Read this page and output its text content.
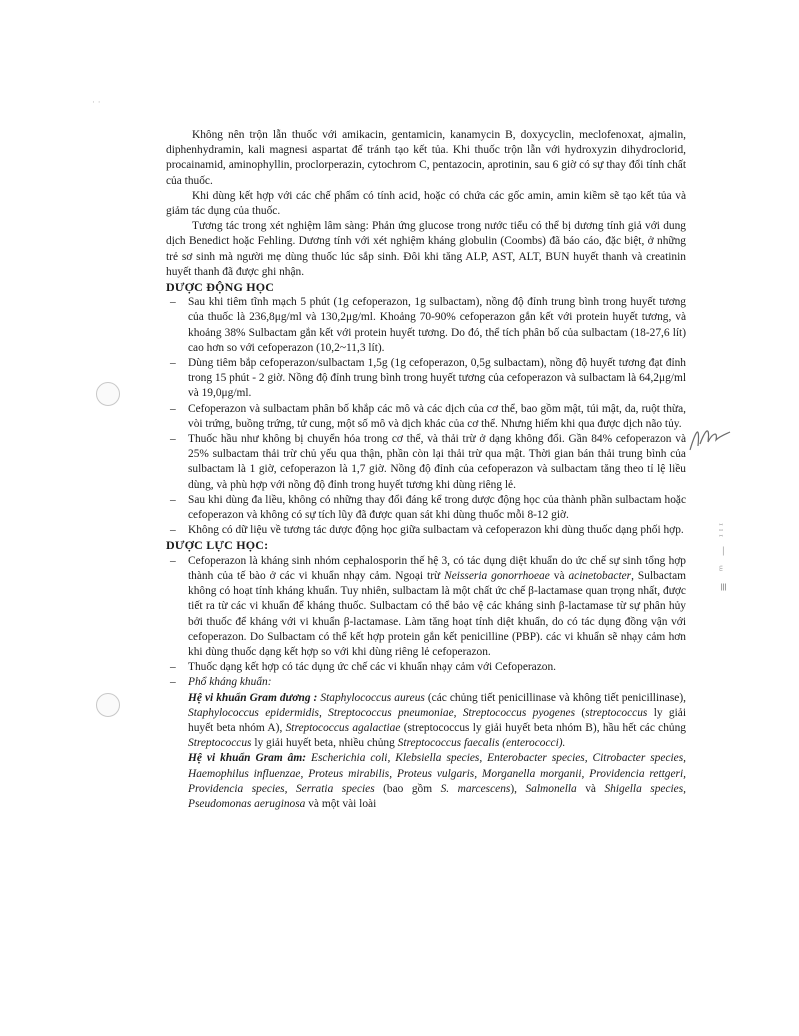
· ·
Ⅲ ᵐ — ᶦᶦᶦ

Không nên trộn lẫn thuốc với amikacin, gentamicin, kanamycin B, doxycyclin, meclofenoxat, ajmalin, diphenhydramin, kali magnesi aspartat để tránh tạo kết tủa. Khi thuốc trộn lẫn với hydroxyzin dihydroclorid, procainamid, aminophyllin, proclorperazin, cytochrom C, pentazocin, aprotinin, sau 6 giờ có sự thay đổi tính chất của thuốc.

Khi dùng kết hợp với các chế phẩm có tính acid, hoặc có chứa các gốc amin, amin kiềm sẽ tạo kết tủa và giảm tác dụng của thuốc.

Tương tác trong xét nghiệm lâm sàng: Phản ứng glucose trong nước tiểu có thể bị dương tính giả với dung dịch Benedict hoặc Fehling. Dương tính với xét nghiệm kháng globulin (Coombs) đã báo cáo, đặc biệt, ở những trẻ sơ sinh mà người mẹ dùng thuốc lúc sắp sinh. Đôi khi tăng ALP, AST, ALT, BUN huyết thanh và creatinin huyết thanh đã được ghi nhận.

DƯỢC ĐỘNG HỌC

– Sau khi tiêm tĩnh mạch 5 phút (1g cefoperazon, 1g sulbactam), nồng độ đỉnh trung bình trong huyết tương của thuốc là 236,8μg/ml và 130,2μg/ml. Khoảng 70-90% cefoperazon gắn kết với protein huyết tương, và khoảng 38% Sulbactam gắn kết với protein huyết tương. Do đó, thể tích phân bố của sulbactam (18-27,6 lít) cao hơn so với cefoperazon (10,2~11,3 lít).

– Dùng tiêm bắp cefoperazon/sulbactam 1,5g (1g cefoperazon, 0,5g sulbactam), nồng độ huyết tương đạt đỉnh trong 15 phút - 2 giờ. Nồng độ đỉnh trung bình trong huyết tương của cefoperazon và sulbactam là 64,2μg/ml và 19,0μg/ml.

– Cefoperazon và sulbactam phân bố khắp các mô và các dịch của cơ thể, bao gồm mật, túi mật, da, ruột thừa, vòi trứng, buồng trứng, tử cung, một số mô và dịch khác của cơ thể. Nhưng hiếm khi qua được dịch não tủy.

– Thuốc hầu như không bị chuyển hóa trong cơ thể, và thải trừ ở dạng không đổi. Gần 84% cefoperazon và 25% sulbactam thải trừ chủ yếu qua thận, phần còn lại thải trừ qua mật. Thời gian bán thải trung bình của sulbactam là 1 giờ, cefoperazon là 1,7 giờ. Nồng độ đỉnh của cefoperazon và sulbactam tăng theo tỉ lệ liều dùng, và phù hợp với nồng độ đỉnh trong huyết tương khi dùng riêng lẻ.

– Sau khi dùng đa liều, không có những thay đổi đáng kể trong dược động học của thành phần sulbactam hoặc cefoperazon và không có sự tích lũy đã được quan sát khi dùng thuốc mỗi 8-12 giờ.

– Không có dữ liệu về tương tác dược động học giữa sulbactam và cefoperazon khi dùng thuốc dạng phối hợp.

DƯỢC LỰC HỌC:

– Cefoperazon là kháng sinh nhóm cephalosporin thế hệ 3, có tác dụng diệt khuẩn do ức chế sự sinh tổng hợp thành của tế bào ở các vi khuẩn nhạy cảm. Ngoại trừ Neisseria gonorrhoeae và acinetobacter, Sulbactam không có hoạt tính kháng khuẩn. Tuy nhiên, sulbactam là một chất ức chế β-lactamase quan trọng nhất, được tiết ra từ các vi khuẩn để kháng thuốc. Sulbactam có thể bảo vệ các kháng sinh β-lactamase từ sự phân hủy bởi thuốc để kháng với vi khuẩn β-lactamase. Làm tăng hoạt tính diệt khuẩn, do có tác dụng đồng vận với cefoperazon. Do Sulbactam có thể kết hợp protein gắn kết penicilline (PBP). các vi khuẩn sẽ nhạy cảm hơn khi dùng thuốc dạng kết hợp so với khi dùng riêng lẻ cefoperazon.

– Thuốc dạng kết hợp có tác dụng ức chế các vi khuẩn nhạy cảm với Cefoperazon.

– Phổ kháng khuẩn:

Hệ vi khuẩn Gram dương : Staphylococcus aureus (các chủng tiết penicillinase và không tiết penicillinase), Staphylococcus epidermidis, Streptococcus pneumoniae, Streptococcus pyogenes (streptococcus ly giải huyết beta nhóm A), Streptococcus agalactiae (streptococcus ly giải huyết beta nhóm B), hầu hết các chủng Streptococcus ly giải huyết beta, nhiều chủng Streptococcus faecalis (enterococci).

Hệ vi khuẩn Gram âm: Escherichia coli, Klebsiella species, Enterobacter species, Citrobacter species, Haemophilus influenzae, Proteus mirabilis, Proteus vulgaris, Morganella morganii, Providencia rettgeri, Providencia species, Serratia species (bao gồm S. marcescens), Salmonella và Shigella species, Pseudomonas aeruginosa và một vài loài
